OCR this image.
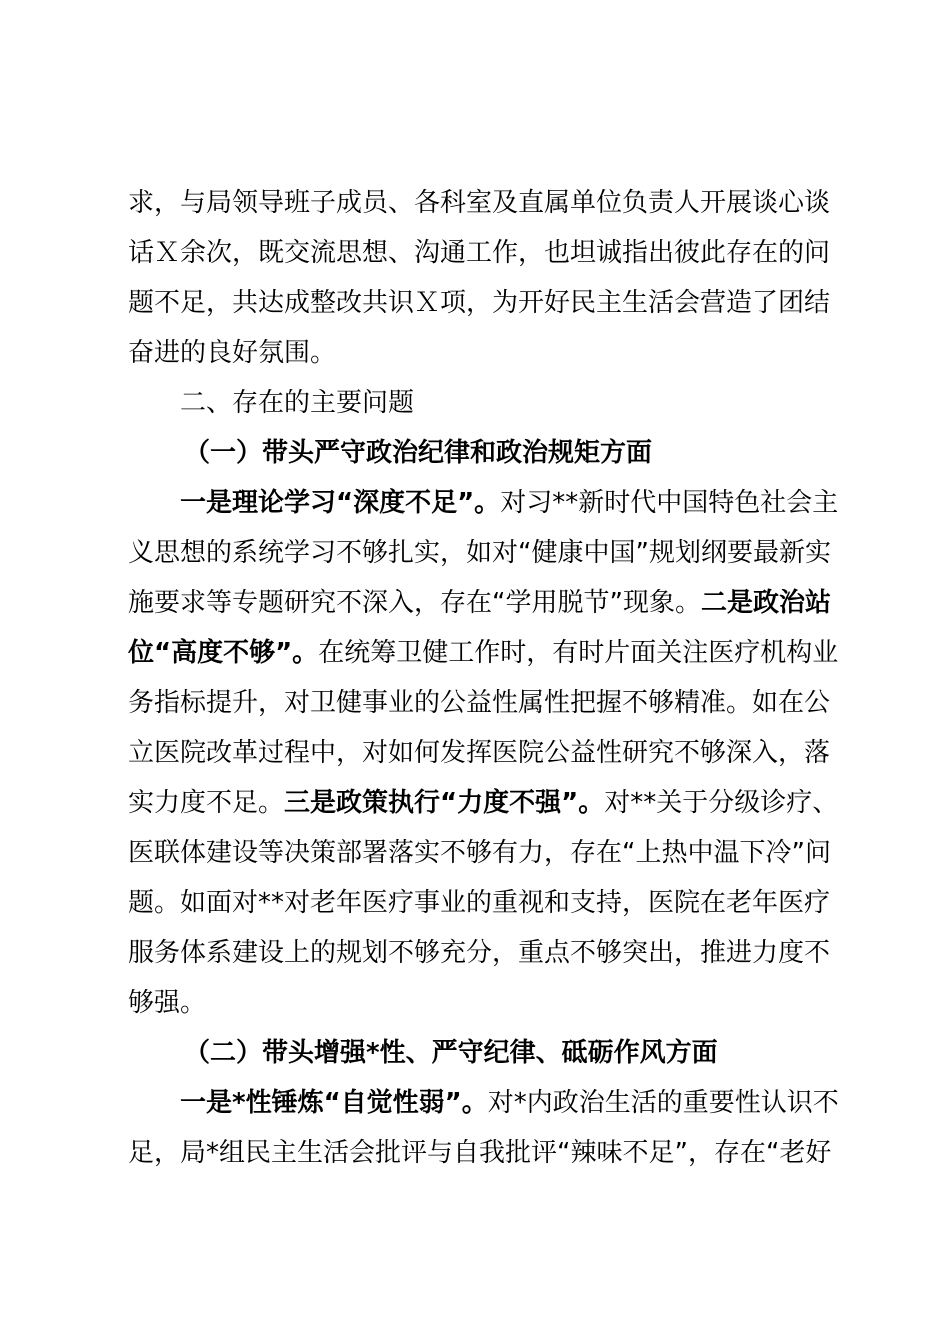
求，与局领导班子成员、各科室及直属单位负责人开展谈心谈
话Ｘ余次，既交流思想、沟通工作，也坦诚指出彼此存在的问
题不足，共达成整改共识Ｘ项，为开好民主生活会营造了团结
奋进的良好氛围。
二、存在的主要问题
（一）带头严守政治纪律和政治规矩方面
一是理论学习“深度不足”。对习**新时代中国特色社会主
义思想的系统学习不够扎实，如对“健康中国”规划纲要最新实
施要求等专题研究不深入，存在“学用脱节”现象。二是政治站
位“高度不够”。在统筹卫健工作时，有时片面关注医疗机构业
务指标提升，对卫健事业的公益性属性把握不够精准。如在公
立医院改革过程中，对如何发挥医院公益性研究不够深入，落
实力度不足。三是政策执行“力度不强”。对**关于分级诊疗、
医联体建设等决策部署落实不够有力，存在“上热中温下冷”问
题。如面对**对老年医疗事业的重视和支持，医院在老年医疗
服务体系建设上的规划不够充分，重点不够突出，推进力度不
够强。
（二）带头增强*性、严守纪律、砥砺作风方面
一是*性锤炼“自觉性弱”。对*内政治生活的重要性认识不
足，局*组民主生活会批评与自我批评“辣味不足”，存在“老好
